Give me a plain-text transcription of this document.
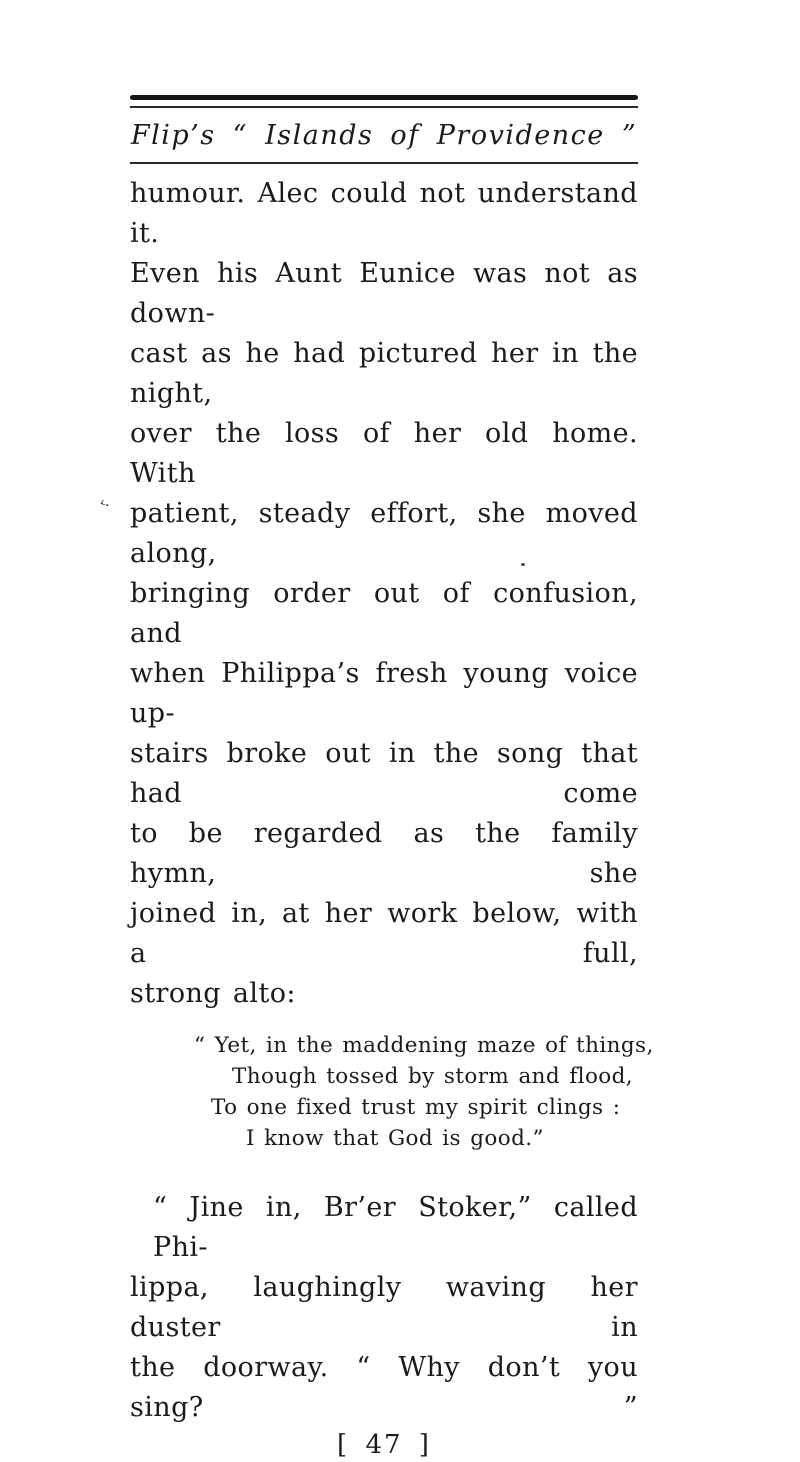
‹.
Flip’s “ Islands of Providence ”
humour. Alec could not understand it.
Even his Aunt Eunice was not as down-
cast as he had pictured her in the night,
over the loss of her old home. With
patient, steady effort, she moved along,
bringing order out of confusion, and
when Philippa’s fresh young voice up-
stairs broke out in the song that had come
to be regarded as the family hymn, she
joined in, at her work below, with a full,
strong alto:
“ Yet, in the maddening maze of things,
Though tossed by storm and flood,
To one fixed trust my spirit clings :
I know that God is good.”
“ Jine in, Br’er Stoker,” called Phi-
lippa, laughingly waving her duster in
the doorway. “ Why don’t you sing? ”
[ 47 ]
